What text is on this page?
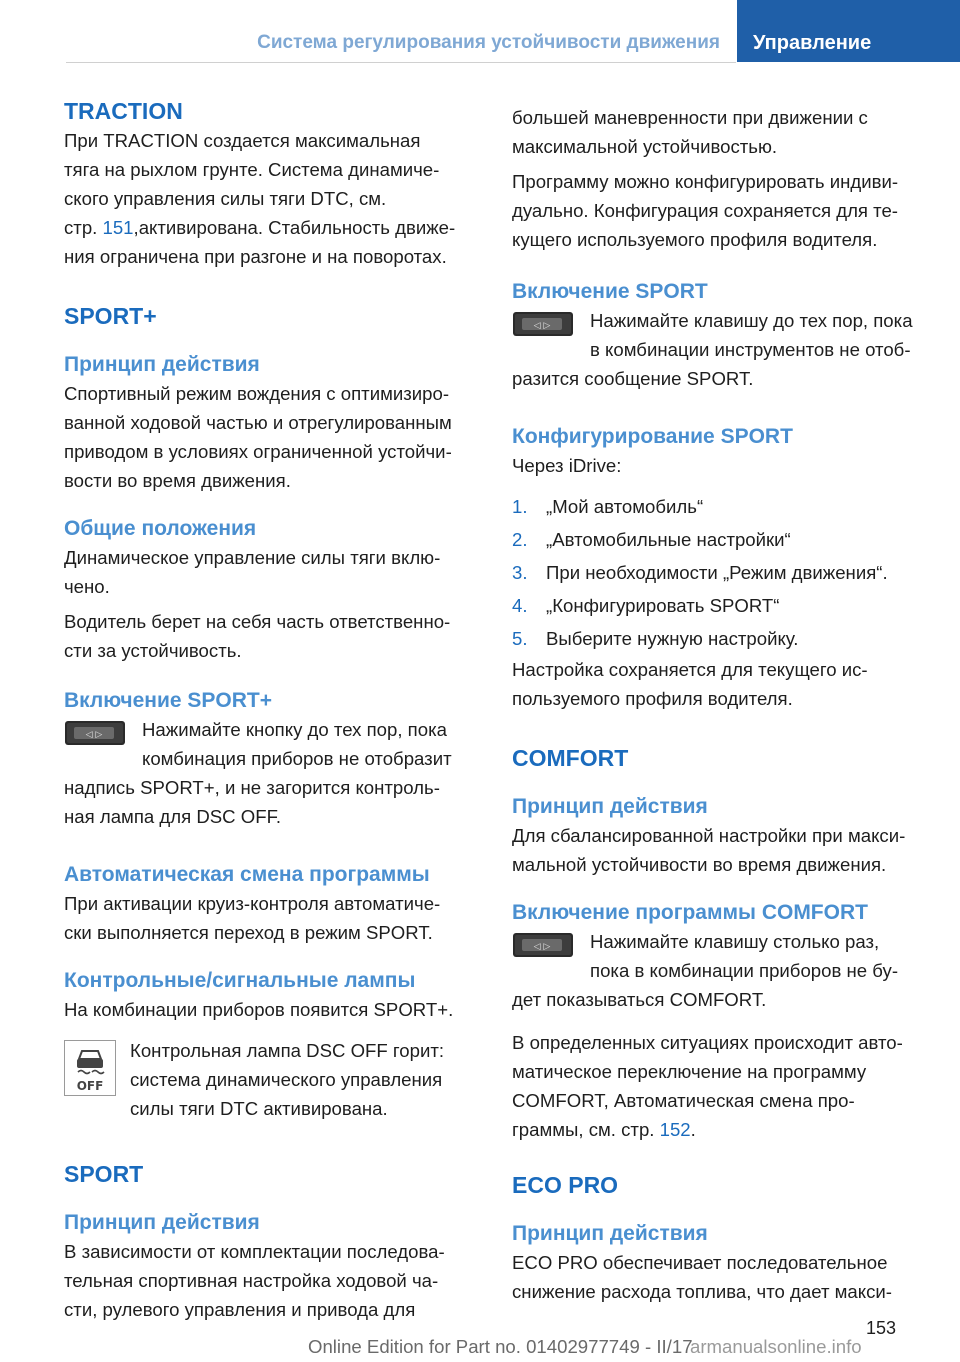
Система регулирования устойчивости движения Управление
TRACTION
При TRACTION создается максимальная
тяга на рыхлом грунте. Система динамиче-
ского управления силы тяги DTC, см.
стр. 151,активирована. Стабильность движе-
ния ограничена при разгоне и на поворотах.
SPORT+
Принцип действия
Спортивный режим вождения с оптимизиро-
ванной ходовой частью и отрегулированным
приводом в условиях ограниченной устойчи-
вости во время движения.
Общие положения
Динамическое управление силы тяги вклю-
чено.
Водитель берет на себя часть ответственно-
сти за устойчивость.
Включение SPORT+
◁ ▷	Нажимайте кнопку до тех пор, пока
комбинация приборов не отобразит
надпись SPORT+, и не загорится контроль-
ная лампа для DSC OFF.
Автоматическая смена программы
При активации круиз-контроля автоматиче-
ски выполняется переход в режим SPORT.
Контрольные/сигнальные лампы
На комбинации приборов появится SPORT+.
OFF
Контрольная лампа DSC OFF горит:
система динамического управления
силы тяги DTC активирована.
SPORT
Принцип действия
В зависимости от комплектации последова-
тельная спортивная настройка ходовой ча-
сти, рулевого управления и привода для
большей маневренности при движении с
максимальной устойчивостью.
Программу можно конфигурировать индиви-
дуально. Конфигурация сохраняется для те-
кущего используемого профиля водителя.
Включение SPORT
◁ ▷	Нажимайте клавишу до тех пор, пока
в комбинации инструментов не отоб-
разится сообщение SPORT.
Конфигурирование SPORT
Через iDrive:
1. „Мой автомобиль“
2. „Автомобильные настройки“
3. При необходимости „Режим движения“.
4. „Конфигурировать SPORT“
5. Выберите нужную настройку.
Настройка сохраняется для текущего ис-
пользуемого профиля водителя.
COMFORT
Принцип действия
Для сбалансированной настройки при макси-
мальной устойчивости во время движения.
Включение программы COMFORT
◁ ▷	Нажимайте клавишу столько раз,
пока в комбинации приборов не бу-
дет показываться COMFORT.
В определенных ситуациях происходит авто-
матическое переключение на программу
COMFORT, Автоматическая смена про-
граммы, см. стр. 152.
ECO PRO
Принцип действия
ECO PRO обеспечивает последовательное
снижение расхода топлива, что дает макси-
153
Online Edition for Part no. 01402977749 - II/17
armanualsonline.info
